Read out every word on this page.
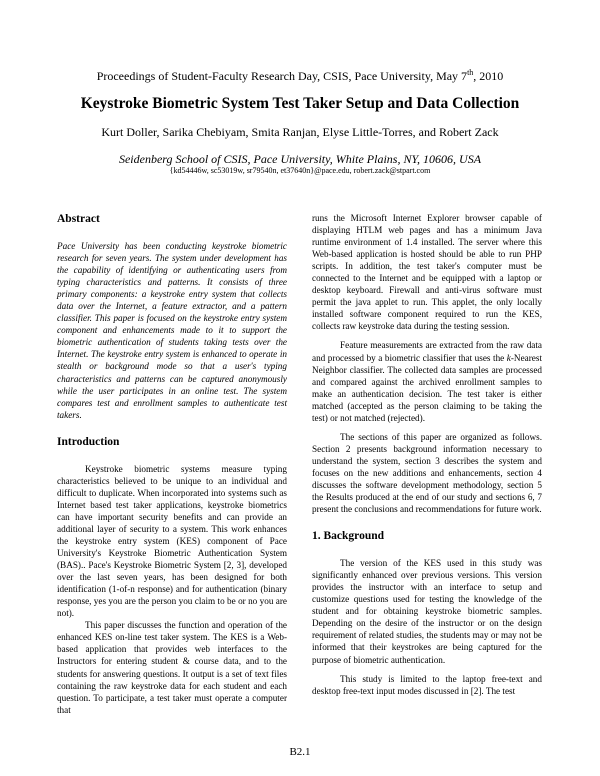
Proceedings of Student-Faculty Research Day, CSIS, Pace University, May 7th, 2010
Keystroke Biometric System Test Taker Setup and Data Collection
Kurt Doller, Sarika Chebiyam, Smita Ranjan, Elyse Little-Torres, and Robert Zack
Seidenberg School of CSIS, Pace University, White Plains, NY, 10606, USA
{kd54446w, sc53019w, sr79540n, et37640n}@pace.edu, robert.zack@stpart.com
Abstract

Pace University has been conducting keystroke biometric research for seven years. The system under development has the capability of identifying or authenticating users from typing characteristics and patterns. It consists of three primary components: a keystroke entry system that collects data over the Internet, a feature extractor, and a pattern classifier. This paper is focused on the keystroke entry system component and enhancements made to it to support the biometric authentication of students taking tests over the Internet. The keystroke entry system is enhanced to operate in stealth or background mode so that a user's typing characteristics and patterns can be captured anonymously while the user participates in an online test. The system compares test and enrollment samples to authenticate test takers.

Introduction

Keystroke biometric systems measure typing characteristics believed to be unique to an individual and difficult to duplicate. When incorporated into systems such as Internet based test taker applications, keystroke biometrics can have important security benefits and can provide an additional layer of security to a system. This work enhances the keystroke entry system (KES) component of Pace University's Keystroke Biometric Authentication System (BAS).. Pace's Keystroke Biometric System [2, 3], developed over the last seven years, has been designed for both identification (1-of-n response) and for authentication (binary response, yes you are the person you claim to be or no you are not).

This paper discusses the function and operation of the enhanced KES on-line test taker system. The KES is a Web-based application that provides web interfaces to the Instructors for entering student & course data, and to the students for answering questions. It output is a set of text files containing the raw keystroke data for each student and each question. To participate, a test taker must operate a computer that

runs the Microsoft Internet Explorer browser capable of displaying HTLM web pages and has a minimum Java runtime environment of 1.4 installed. The server where this Web-based application is hosted should be able to run PHP scripts. In addition, the test taker's computer must be connected to the Internet and be equipped with a laptop or desktop keyboard. Firewall and anti-virus software must permit the java applet to run. This applet, the only locally installed software component required to run the KES, collects raw keystroke data during the testing session.

Feature measurements are extracted from the raw data and processed by a biometric classifier that uses the k-Nearest Neighbor classifier. The collected data samples are processed and compared against the archived enrollment samples to make an authentication decision. The test taker is either matched (accepted as the person claiming to be taking the test) or not matched (rejected).

The sections of this paper are organized as follows. Section 2 presents background information necessary to understand the system, section 3 describes the system and focuses on the new additions and enhancements, section 4 discusses the software development methodology, section 5 the Results produced at the end of our study and sections 6, 7 present the conclusions and recommendations for future work.

1. Background

The version of the KES used in this study was significantly enhanced over previous versions. This version provides the instructor with an interface to setup and customize questions used for testing the knowledge of the student and for obtaining keystroke biometric samples. Depending on the desire of the instructor or on the design requirement of related studies, the students may or may not be informed that their keystrokes are being captured for the purpose of biometric authentication.

This study is limited to the laptop free-text and desktop free-text input modes discussed in [2]. The test

B2.1
